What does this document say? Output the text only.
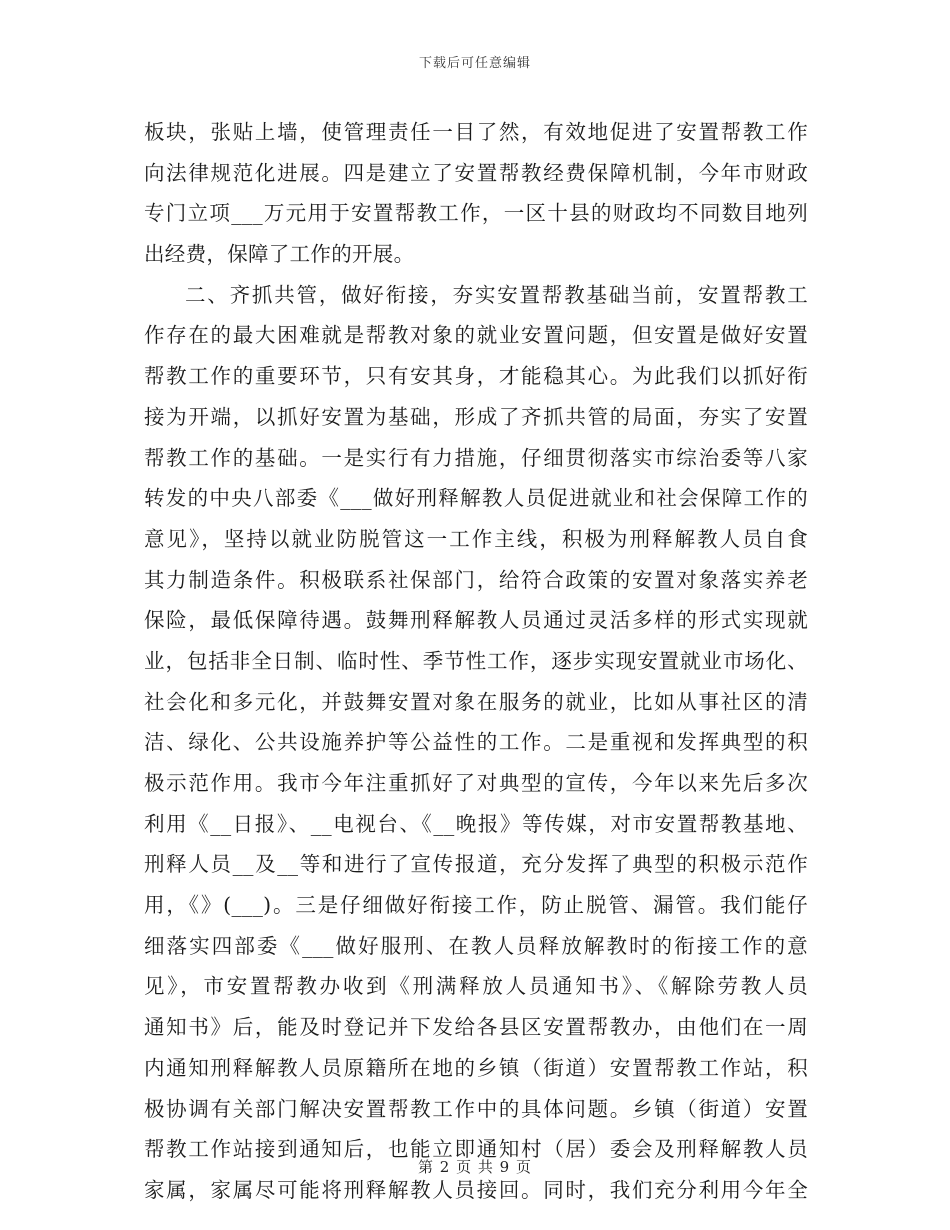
下载后可任意编辑
板块，张贴上墙，使管理责任一目了然，有效地促进了安置帮教工作
向法律规范化进展。四是建立了安置帮教经费保障机制，今年市财政
专门立项___万元用于安置帮教工作，一区十县的财政均不同数目地列
出经费，保障了工作的开展。
二、齐抓共管，做好衔接，夯实安置帮教基础当前，安置帮教工
作存在的最大困难就是帮教对象的就业安置问题，但安置是做好安置
帮教工作的重要环节，只有安其身，才能稳其心。为此我们以抓好衔
接为开端，以抓好安置为基础，形成了齐抓共管的局面，夯实了安置
帮教工作的基础。一是实行有力措施，仔细贯彻落实市综治委等八家
转发的中央八部委《___做好刑释解教人员促进就业和社会保障工作的
意见》，坚持以就业防脱管这一工作主线，积极为刑释解教人员自食
其力制造条件。积极联系社保部门，给符合政策的安置对象落实养老
保险，最低保障待遇。鼓舞刑释解教人员通过灵活多样的形式实现就
业，包括非全日制、临时性、季节性工作，逐步实现安置就业市场化、
社会化和多元化，并鼓舞安置对象在服务的就业，比如从事社区的清
洁、绿化、公共设施养护等公益性的工作。二是重视和发挥典型的积
极示范作用。我市今年注重抓好了对典型的宣传，今年以来先后多次
利用《__日报》、__电视台、《__晚报》等传媒，对市安置帮教基地、
刑释人员__及__等和进行了宣传报道，充分发挥了典型的积极示范作
用，《》(___)。三是仔细做好衔接工作，防止脱管、漏管。我们能仔
细落实四部委《___做好服刑、在教人员释放解教时的衔接工作的意
见》，市安置帮教办收到《刑满释放人员通知书》、《解除劳教人员
通知书》后，能及时登记并下发给各县区安置帮教办，由他们在一周
内通知刑释解教人员原籍所在地的乡镇（街道）安置帮教工作站，积
极协调有关部门解决安置帮教工作中的具体问题。乡镇（街道）安置
帮教工作站接到通知后，也能立即通知村（居）委会及刑释解教人员
家属，家属尽可能将刑释解教人员接回。同时，我们充分利用今年全
第 2 页 共 9 页
